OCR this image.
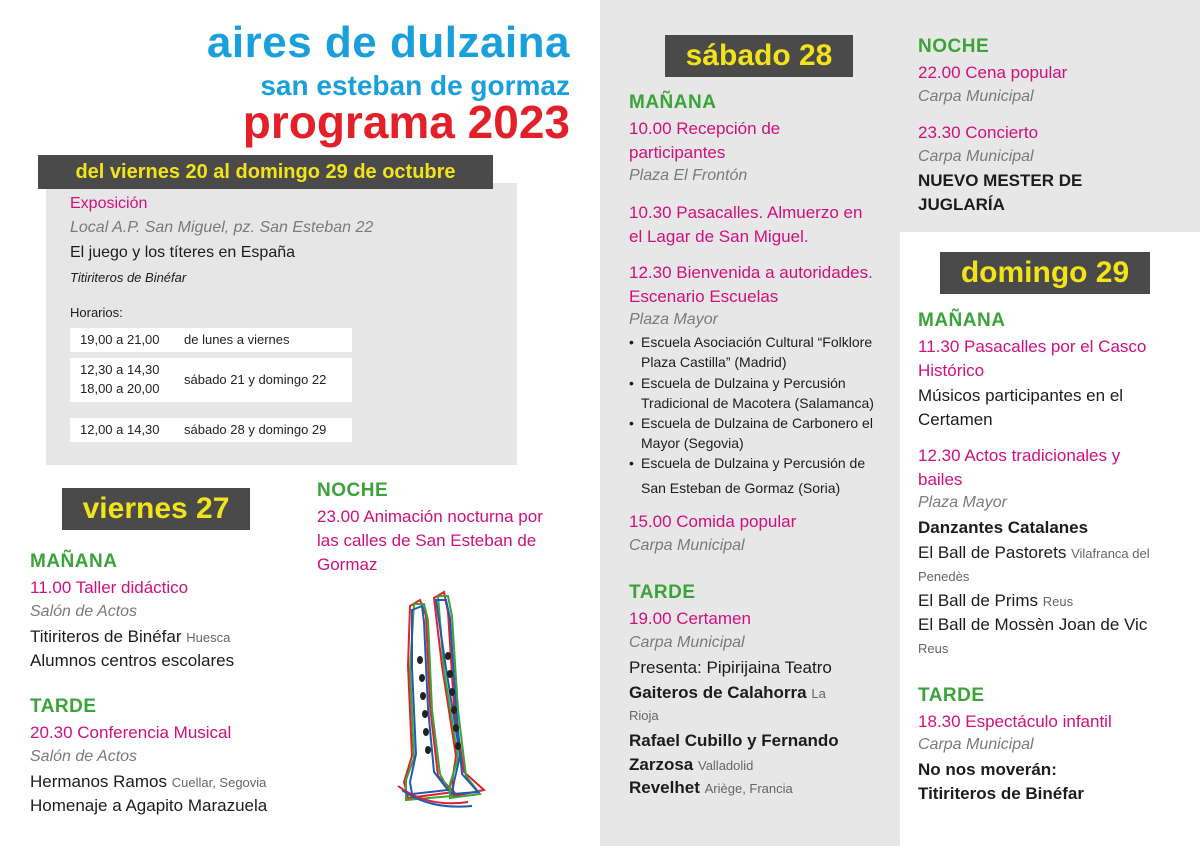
aires de dulzaina
san esteban de gormaz
programa 2023
del viernes 20 al domingo 29 de octubre
Exposición
Local A.P. San Miguel, pz. San Esteban 22
El juego y los títeres en España
Titiriteros de Binéfar
Horarios:
19,00 a 21,00 de lunes a viernes
12,30 a 14,30
18,00 a 20,00
sábado 21 y domingo 22
12,00 a 14,30 sábado 28 y domingo 29
viernes 27
MAÑANA
11.00 Taller didáctico
Salón de Actos
Titiriteros de Binéfar Huesca
Alumnos centros escolares
TARDE
20.30 Conferencia Musical
Salón de Actos
Hermanos Ramos Cuellar, Segovia
Homenaje a Agapito Marazuela
NOCHE
23.00 Animación nocturna por
las calles de San Esteban de
Gormaz
sábado 28
MAÑANA
10.00 Recepción de
participantes
Plaza El Frontón
10.30 Pasacalles. Almuerzo en
el Lagar de San Miguel.
12.30 Bienvenida a autoridades.
Escenario Escuelas
Plaza Mayor
• Escuela Asociación Cultural “Folklore
Plaza Castilla” (Madrid)
• Escuela de Dulzaina y Percusión
Tradicional de Macotera (Salamanca)
• Escuela de Dulzaina de Carbonero el
Mayor (Segovia)
• Escuela de Dulzaina y Percusión de
San Esteban de Gormaz (Soria)
15.00 Comida popular
Carpa Municipal
TARDE
19.00 Certamen
Carpa Municipal
Presenta: Pipirijaina Teatro
Gaiteros de Calahorra La
Rioja
Rafael Cubillo y Fernando
Zarzosa Valladolid
Revelhet Ariège, Francia
NOCHE
22.00 Cena popular
Carpa Municipal
23.30 Concierto
Carpa Municipal
NUEVO MESTER DE
JUGLARÍA
domingo 29
MAÑANA
11.30 Pasacalles por el Casco
Histórico
Músicos participantes en el
Certamen
12.30 Actos tradicionales y
bailes
Plaza Mayor
Danzantes Catalanes
El Ball de Pastorets Vilafranca del
Penedès
El Ball de Prims Reus
El Ball de Mossèn Joan de Vic
Reus
TARDE
18.30 Espectáculo infantil
Carpa Municipal
No nos moverán:
Titiriteros de Binéfar
